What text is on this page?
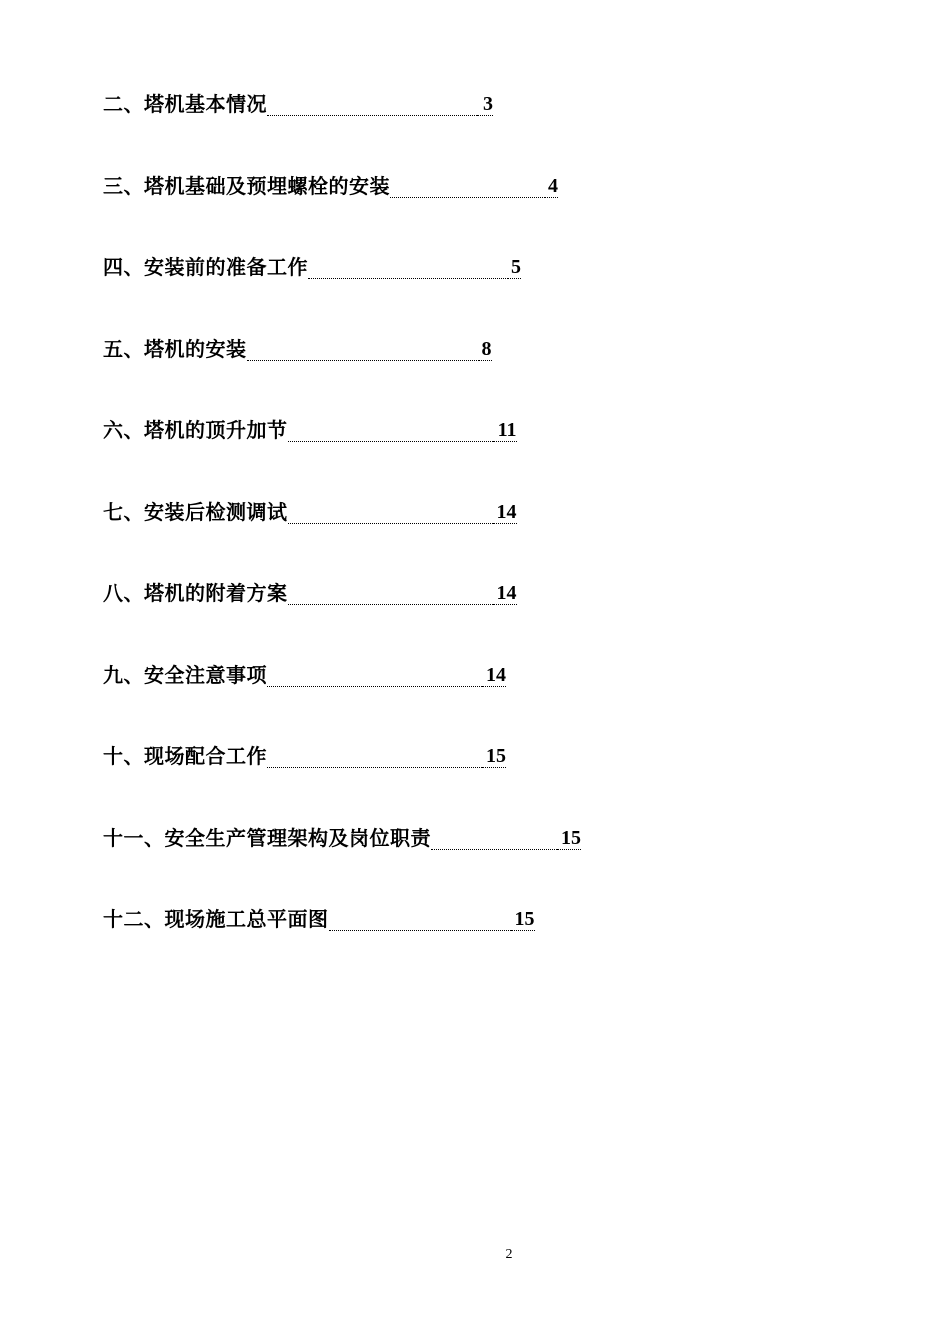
二、塔机基本情况	3
三、塔机基础及预埋螺栓的安装	4
四、安装前的准备工作	5
五、塔机的安装	8
六、塔机的顶升加节	11
七、安装后检测调试	14
八、塔机的附着方案	14
九、安全注意事项	14
十、现场配合工作	15
十一、安全生产管理架构及岗位职责	15
十二、现场施工总平面图	15
2
